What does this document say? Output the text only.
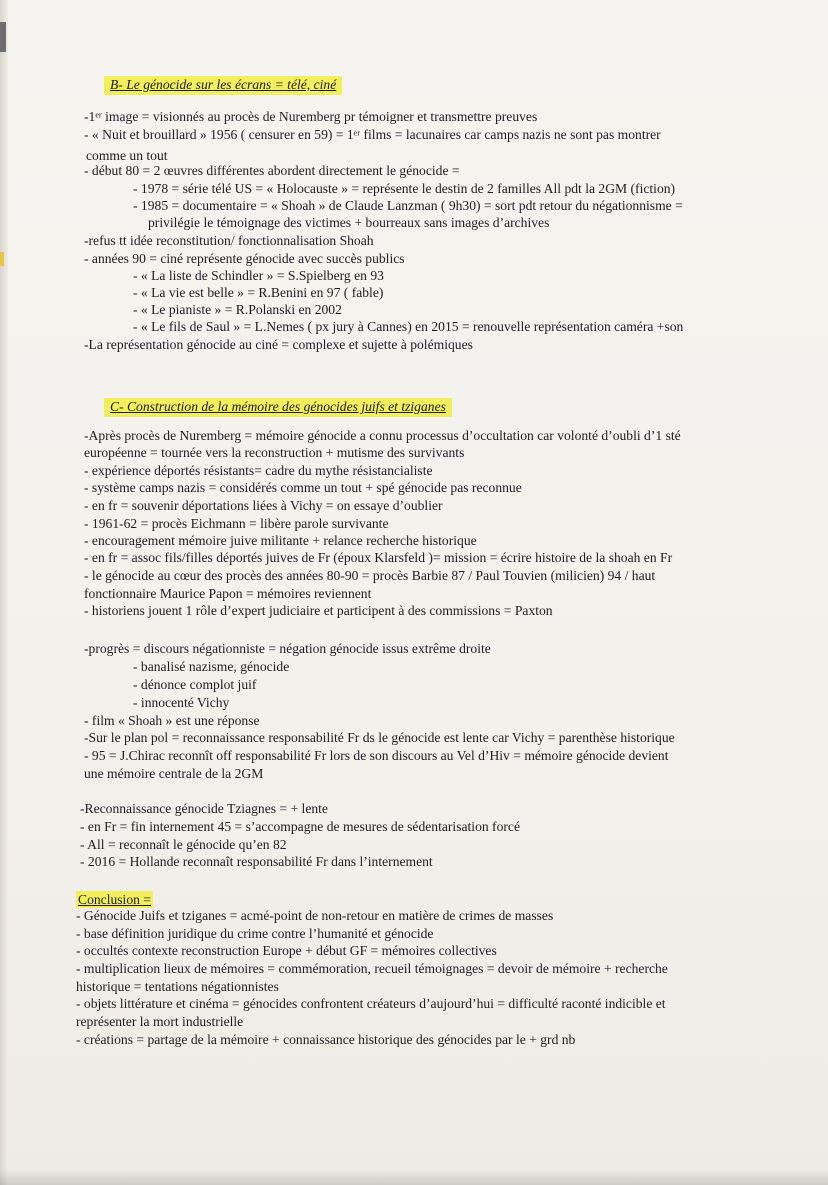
B- Le génocide sur les écrans = télé, ciné
-1ᵉʳ image = visionnés au procès de Nuremberg pr témoigner et transmettre preuves
- « Nuit et brouillard » 1956 ( censurer en 59) = 1ᵉʳ films = lacunaires car camps nazis ne sont pas montrer
comme un tout
- début 80 = 2 œuvres différentes abordent directement le génocide =
- 1978 = série télé US = « Holocauste » = représente le destin de 2 familles All pdt la 2GM (fiction)
- 1985 = documentaire = « Shoah » de Claude Lanzman ( 9h30) = sort pdt retour du négationnisme =
privilégie le témoignage des victimes + bourreaux sans images d’archives
-refus tt idée reconstitution/ fonctionnalisation Shoah
- années 90 = ciné représente génocide avec succès publics
- « La liste de Schindler » = S.Spielberg en 93
- « La vie est belle » = R.Benini en 97 ( fable)
- « Le pianiste » = R.Polanski en 2002
- « Le fils de Saul » = L.Nemes ( px jury à Cannes) en 2015 = renouvelle représentation caméra +son
-La représentation génocide au ciné = complexe et sujette à polémiques
C- Construction de la mémoire des génocides juifs et tziganes
-Après procès de Nuremberg = mémoire génocide a connu processus d’occultation car volonté d’oubli d’1 sté
européenne = tournée vers la reconstruction + mutisme des survivants
- expérience déportés résistants= cadre du mythe résistancialiste
- système camps nazis = considérés comme un tout + spé génocide pas reconnue
- en fr = souvenir déportations liées à Vichy = on essaye d’oublier
- 1961-62 = procès Eichmann = libère parole survivante
- encouragement mémoire juive militante + relance recherche historique
- en fr = assoc fils/filles déportés juives de Fr (époux Klarsfeld )= mission = écrire histoire de la shoah en Fr
- le génocide au cœur des procès des années 80-90 = procès Barbie 87 / Paul Touvien (milicien) 94 / haut
fonctionnaire Maurice Papon = mémoires reviennent
- historiens jouent 1 rôle d’expert judiciaire et participent à des commissions = Paxton
-progrès = discours négationniste = négation génocide issus extrême droite
- banalisé nazisme, génocide
- dénonce complot juif
- innocenté Vichy
- film « Shoah » est une réponse
-Sur le plan pol = reconnaissance responsabilité Fr ds le génocide est lente car Vichy = parenthèse historique
- 95 = J.Chirac reconnît off responsabilité Fr lors de son discours au Vel d’Hiv = mémoire génocide devient
une mémoire centrale de la 2GM
-Reconnaissance génocide Tziagnes = + lente
- en Fr = fin internement 45 = s’accompagne de mesures de sédentarisation forcé
- All = reconnaît le génocide qu’en 82
- 2016 = Hollande reconnaît responsabilité Fr dans l’internement
Conclusion =
- Génocide Juifs et tziganes = acmé-point de non-retour en matière de crimes de masses
- base définition juridique du crime contre l’humanité et génocide
- occultés contexte reconstruction Europe + début GF = mémoires collectives
- multiplication lieux de mémoires = commémoration, recueil témoignages = devoir de mémoire + recherche
historique = tentations négationnistes
- objets littérature et cinéma = génocides confrontent créateurs d’aujourd’hui = difficulté raconté indicible et
représenter la mort industrielle
- créations = partage de la mémoire + connaissance historique des génocides par le + grd nb
